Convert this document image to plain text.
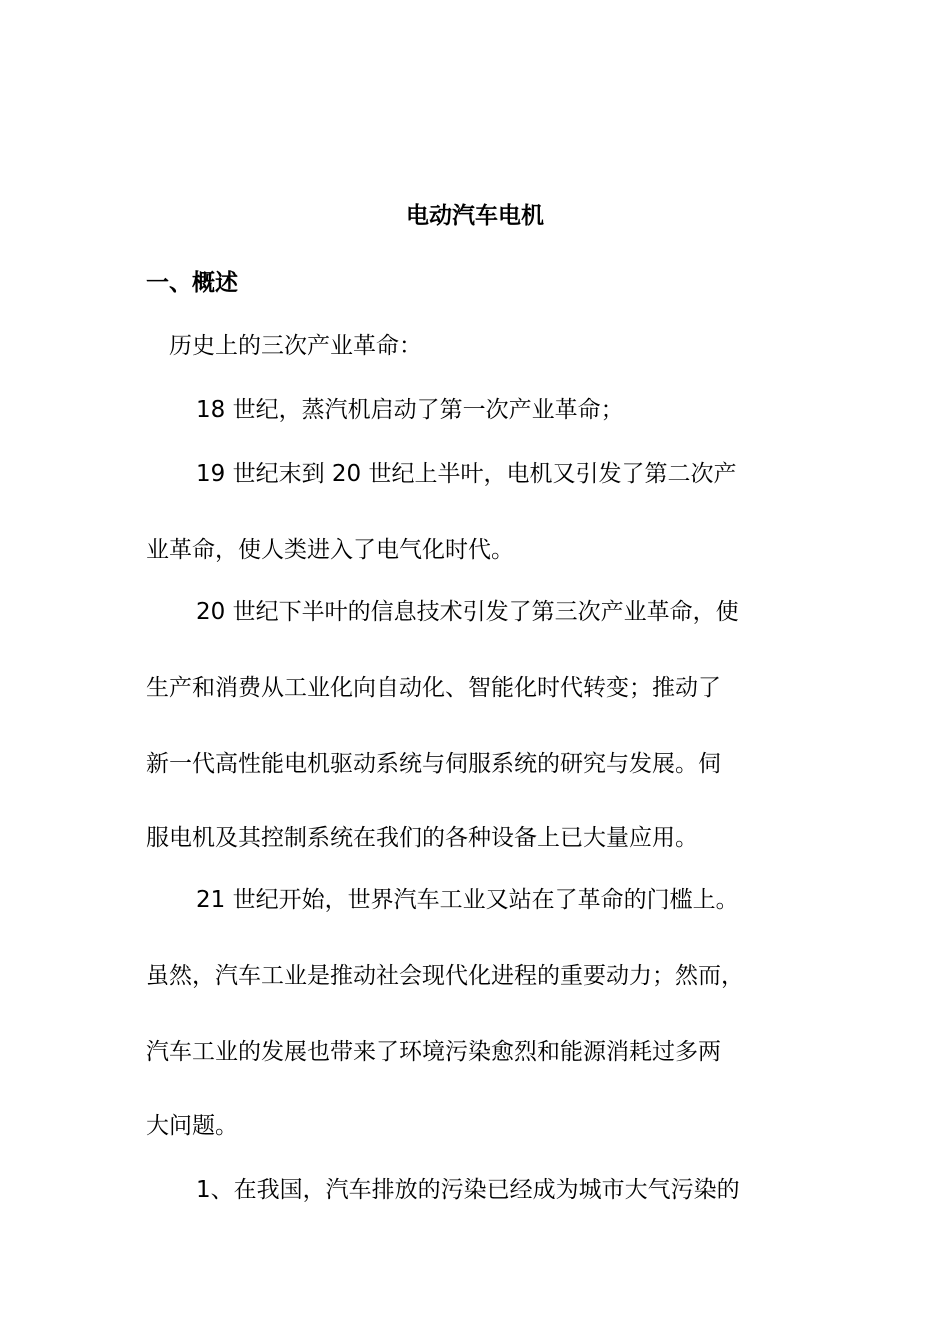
电动汽车电机
一、概述
历史上的三次产业革命：
18 世纪，蒸汽机启动了第一次产业革命；
19 世纪末到 20 世纪上半叶，电机又引发了第二次产
业革命，使人类进入了电气化时代。
20 世纪下半叶的信息技术引发了第三次产业革命，使
生产和消费从工业化向自动化、智能化时代转变；推动了
新一代高性能电机驱动系统与伺服系统的研究与发展。伺
服电机及其控制系统在我们的各种设备上已大量应用。
21 世纪开始，世界汽车工业又站在了革命的门槛上。
虽然，汽车工业是推动社会现代化进程的重要动力；然而，
汽车工业的发展也带来了环境污染愈烈和能源消耗过多两
大问题。
1、在我国，汽车排放的污染已经成为城市大气污染的
